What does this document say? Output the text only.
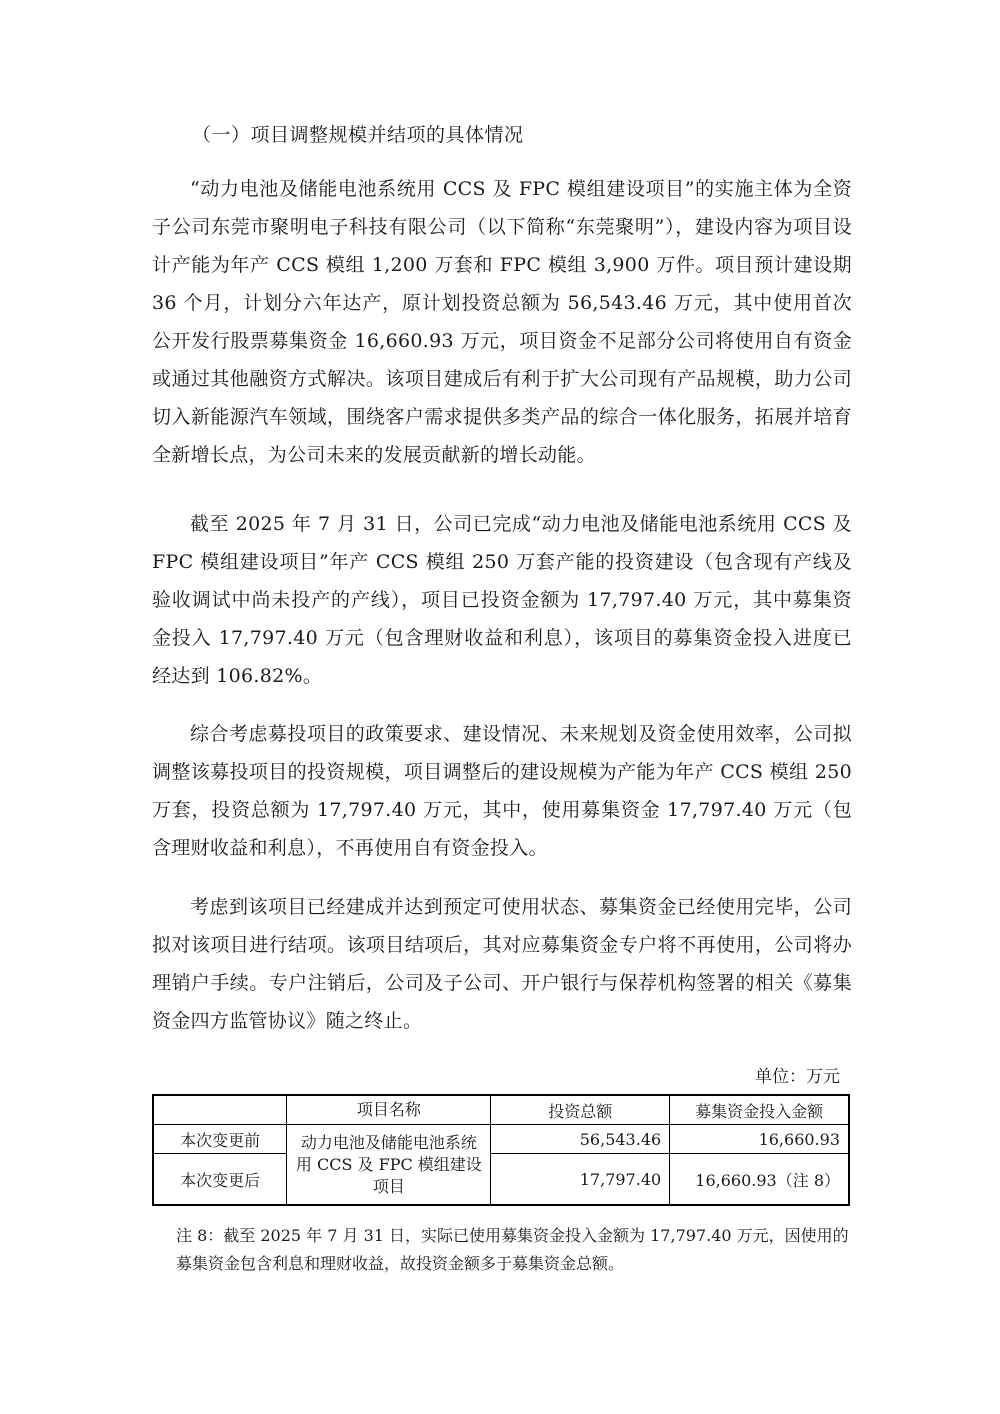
（一）项目调整规模并结项的具体情况

“动力电池及储能电池系统用 CCS 及 FPC 模组建设项目”的实施主体为全资子公司东莞市聚明电子科技有限公司（以下简称“东莞聚明”），建设内容为项目设计产能为年产 CCS 模组 1,200 万套和 FPC 模组 3,900 万件。项目预计建设期 36 个月，计划分六年达产，原计划投资总额为 56,543.46 万元，其中使用首次公开发行股票募集资金 16,660.93 万元，项目资金不足部分公司将使用自有资金或通过其他融资方式解决。该项目建成后有利于扩大公司现有产品规模，助力公司切入新能源汽车领域，围绕客户需求提供多类产品的综合一体化服务，拓展并培育全新增长点，为公司未来的发展贡献新的增长动能。

截至 2025 年 7 月 31 日，公司已完成“动力电池及储能电池系统用 CCS 及 FPC 模组建设项目”年产 CCS 模组 250 万套产能的投资建设（包含现有产线及验收调试中尚未投产的产线），项目已投资金额为 17,797.40 万元，其中募集资金投入 17,797.40 万元（包含理财收益和利息），该项目的募集资金投入进度已经达到 106.82%。

综合考虑募投项目的政策要求、建设情况、未来规划及资金使用效率，公司拟调整该募投项目的投资规模，项目调整后的建设规模为产能为年产 CCS 模组 250 万套，投资总额为 17,797.40 万元，其中，使用募集资金 17,797.40 万元（包含理财收益和利息），不再使用自有资金投入。

考虑到该项目已经建成并达到预定可使用状态、募集资金已经使用完毕，公司拟对该项目进行结项。该项目结项后，其对应募集资金专户将不再使用，公司将办理销户手续。专户注销后，公司及子公司、开户银行与保荐机构签署的相关《募集资金四方监管协议》随之终止。

单位：万元
	项目名称	投资总额	募集资金投入金额
本次变更前	动力电池及储能电池系统用 CCS 及 FPC 模组建设项目	56,543.46	16,660.93
本次变更后		17,797.40	16,660.93（注 8）

注 8：截至 2025 年 7 月 31 日，实际已使用募集资金投入金额为 17,797.40 万元，因使用的募集资金包含利息和理财收益，故投资金额多于募集资金总额。
